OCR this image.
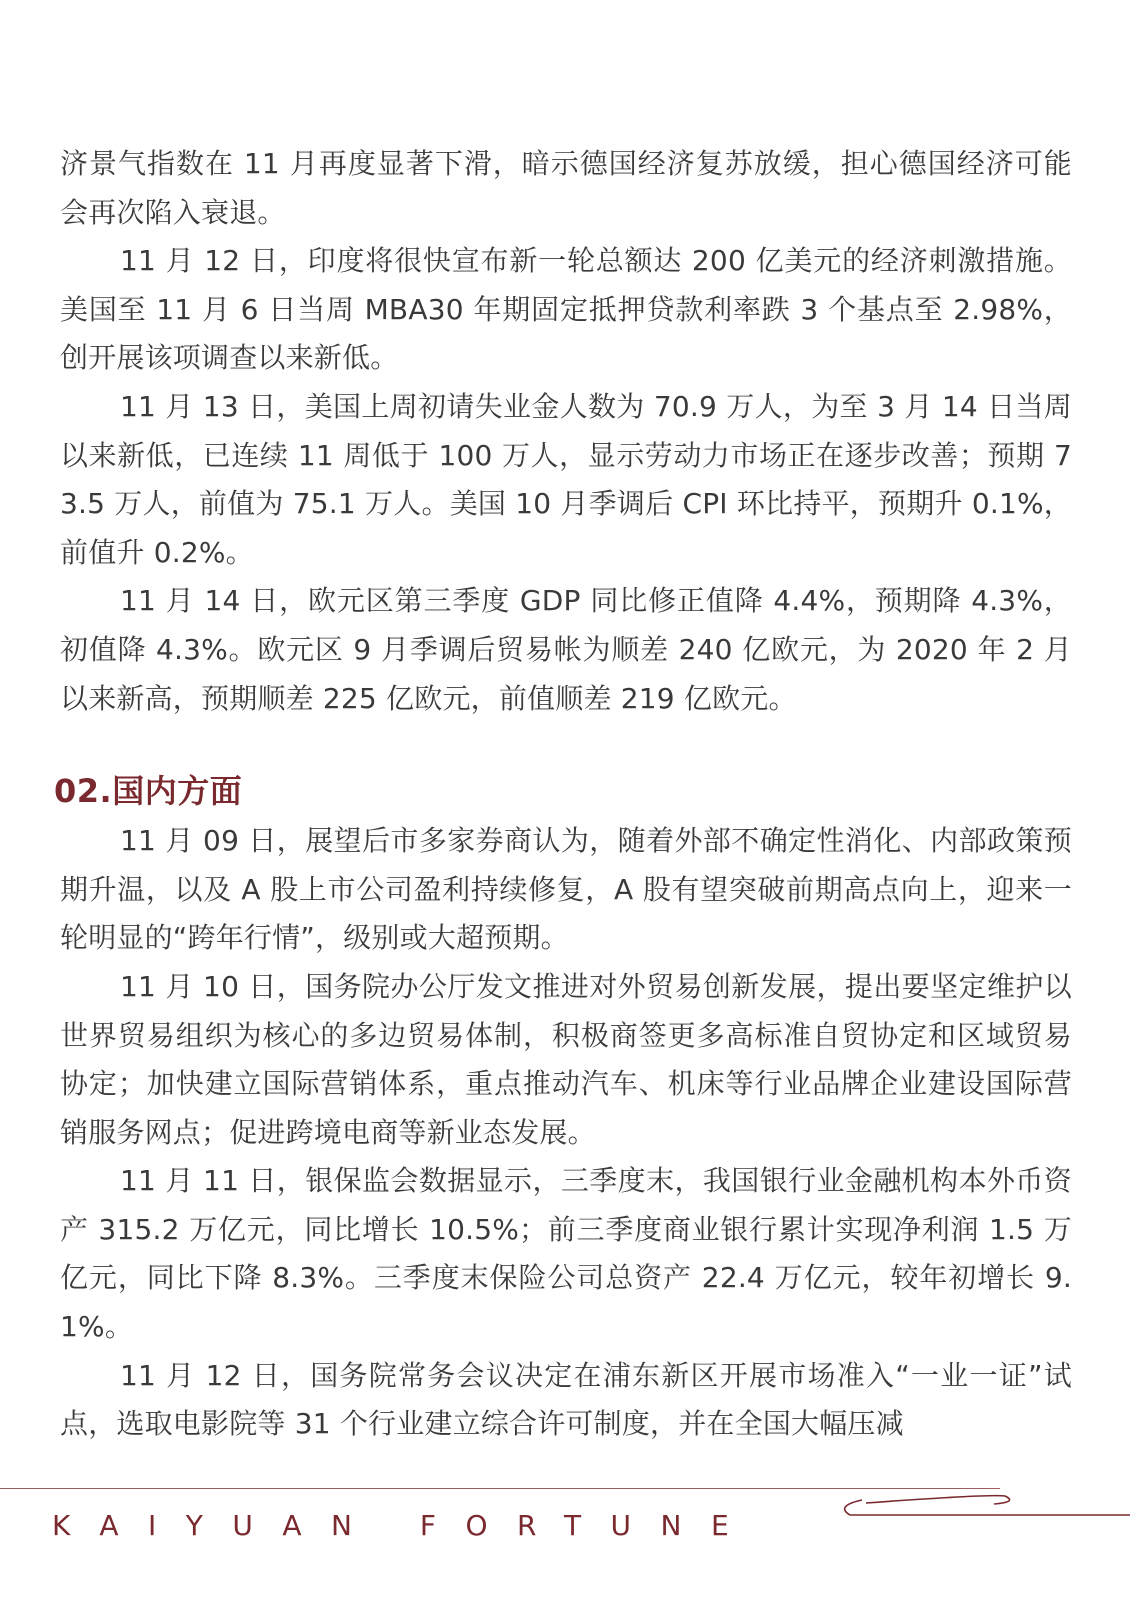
济景气指数在 11 月再度显著下滑，暗示德国经济复苏放缓，担心德国经济可能会再次陷入衰退。

11 月 12 日，印度将很快宣布新一轮总额达 200 亿美元的经济刺激措施。美国至 11 月 6 日当周 MBA30 年期固定抵押贷款利率跌 3 个基点至 2.98%，创开展该项调查以来新低。

11 月 13 日，美国上周初请失业金人数为 70.9 万人，为至 3 月 14 日当周以来新低，已连续 11 周低于 100 万人，显示劳动力市场正在逐步改善；预期 73.5 万人，前值为 75.1 万人。美国 10 月季调后 CPI 环比持平，预期升 0.1%，前值升 0.2%。

11 月 14 日，欧元区第三季度 GDP 同比修正值降 4.4%，预期降 4.3%，初值降 4.3%。欧元区 9 月季调后贸易帐为顺差 240 亿欧元，为 2020 年 2 月以来新高，预期顺差 225 亿欧元，前值顺差 219 亿欧元。

02.国内方面

11 月 09 日，展望后市多家券商认为，随着外部不确定性消化、内部政策预期升温，以及 A 股上市公司盈利持续修复，A 股有望突破前期高点向上，迎来一轮明显的“跨年行情”，级别或大超预期。

11 月 10 日，国务院办公厅发文推进对外贸易创新发展，提出要坚定维护以世界贸易组织为核心的多边贸易体制，积极商签更多高标准自贸协定和区域贸易协定；加快建立国际营销体系，重点推动汽车、机床等行业品牌企业建设国际营销服务网点；促进跨境电商等新业态发展。

11 月 11 日，银保监会数据显示，三季度末，我国银行业金融机构本外币资产 315.2 万亿元，同比增长 10.5%；前三季度商业银行累计实现净利润 1.5 万亿元，同比下降 8.3%。三季度末保险公司总资产 22.4 万亿元，较年初增长 9.1%。

11 月 12 日，国务院常务会议决定在浦东新区开展市场准入“一业一证”试点，选取电影院等 31 个行业建立综合许可制度，并在全国大幅压减

KAIYUAN FORTUNE
